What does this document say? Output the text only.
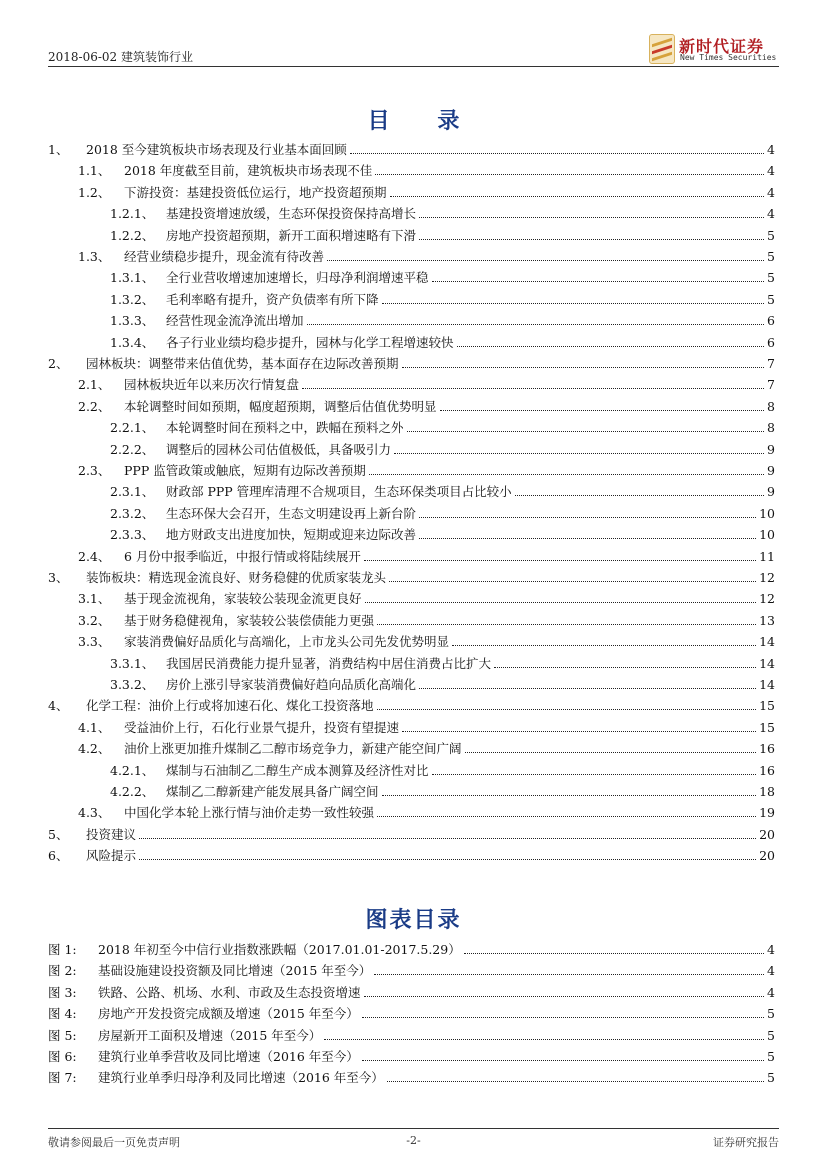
2018-06-02 建筑装饰行业
新时代证券
New Times Securities
目 录
1、	2018 至今建筑板块市场表现及行业基本面回顾	4
1.1、	2018 年度截至目前，建筑板块市场表现不佳	4
1.2、	下游投资：基建投资低位运行，地产投资超预期	4
1.2.1、 基建投资增速放缓，生态环保投资保持高增长	4
1.2.2、 房地产投资超预期，新开工面积增速略有下滑	5
1.3、	经营业绩稳步提升，现金流有待改善	5
1.3.1、 全行业营收增速加速增长，归母净利润增速平稳	5
1.3.2、 毛利率略有提升，资产负债率有所下降	5
1.3.3、 经营性现金流净流出增加	6
1.3.4、 各子行业业绩均稳步提升，园林与化学工程增速较快	6
2、	园林板块：调整带来估值优势，基本面存在边际改善预期	7
2.1、	园林板块近年以来历次行情复盘	7
2.2、	本轮调整时间如预期，幅度超预期，调整后估值优势明显	8
2.2.1、 本轮调整时间在预料之中，跌幅在预料之外	8
2.2.2、 调整后的园林公司估值极低，具备吸引力	9
2.3、	PPP 监管政策或触底，短期有边际改善预期	9
2.3.1、 财政部 PPP 管理库清理不合规项目，生态环保类项目占比较小	9
2.3.2、 生态环保大会召开，生态文明建设再上新台阶	10
2.3.3、 地方财政支出进度加快，短期或迎来边际改善	10
2.4、	6 月份中报季临近，中报行情或将陆续展开	11
3、	装饰板块：精选现金流良好、财务稳健的优质家装龙头	12
3.1、	基于现金流视角，家装较公装现金流更良好	12
3.2、	基于财务稳健视角，家装较公装偿债能力更强	13
3.3、	家装消费偏好品质化与高端化，上市龙头公司先发优势明显	14
3.3.1、 我国居民消费能力提升显著，消费结构中居住消费占比扩大	14
3.3.2、 房价上涨引导家装消费偏好趋向品质化高端化	14
4、	化学工程：油价上行或将加速石化、煤化工投资落地	15
4.1、	受益油价上行，石化行业景气提升，投资有望提速	15
4.2、	油价上涨更加推升煤制乙二醇市场竞争力，新建产能空间广阔	16
4.2.1、 煤制与石油制乙二醇生产成本测算及经济性对比	16
4.2.2、 煤制乙二醇新建产能发展具备广阔空间	18
4.3、	中国化学本轮上涨行情与油价走势一致性较强	19
5、	投资建议	20
6、	风险提示	20
图表目录
图 1:	2018 年初至今中信行业指数涨跌幅（2017.01.01-2017.5.29）	4
图 2:	基础设施建设投资额及同比增速（2015 年至今）	4
图 3:	铁路、公路、机场、水利、市政及生态投资增速	4
图 4:	房地产开发投资完成额及增速（2015 年至今）	5
图 5:	房屋新开工面积及增速（2015 年至今）	5
图 6:	建筑行业单季营收及同比增速（2016 年至今）	5
图 7:	建筑行业单季归母净利及同比增速（2016 年至今）	5
敬请参阅最后一页免责声明	-2-	证券研究报告
